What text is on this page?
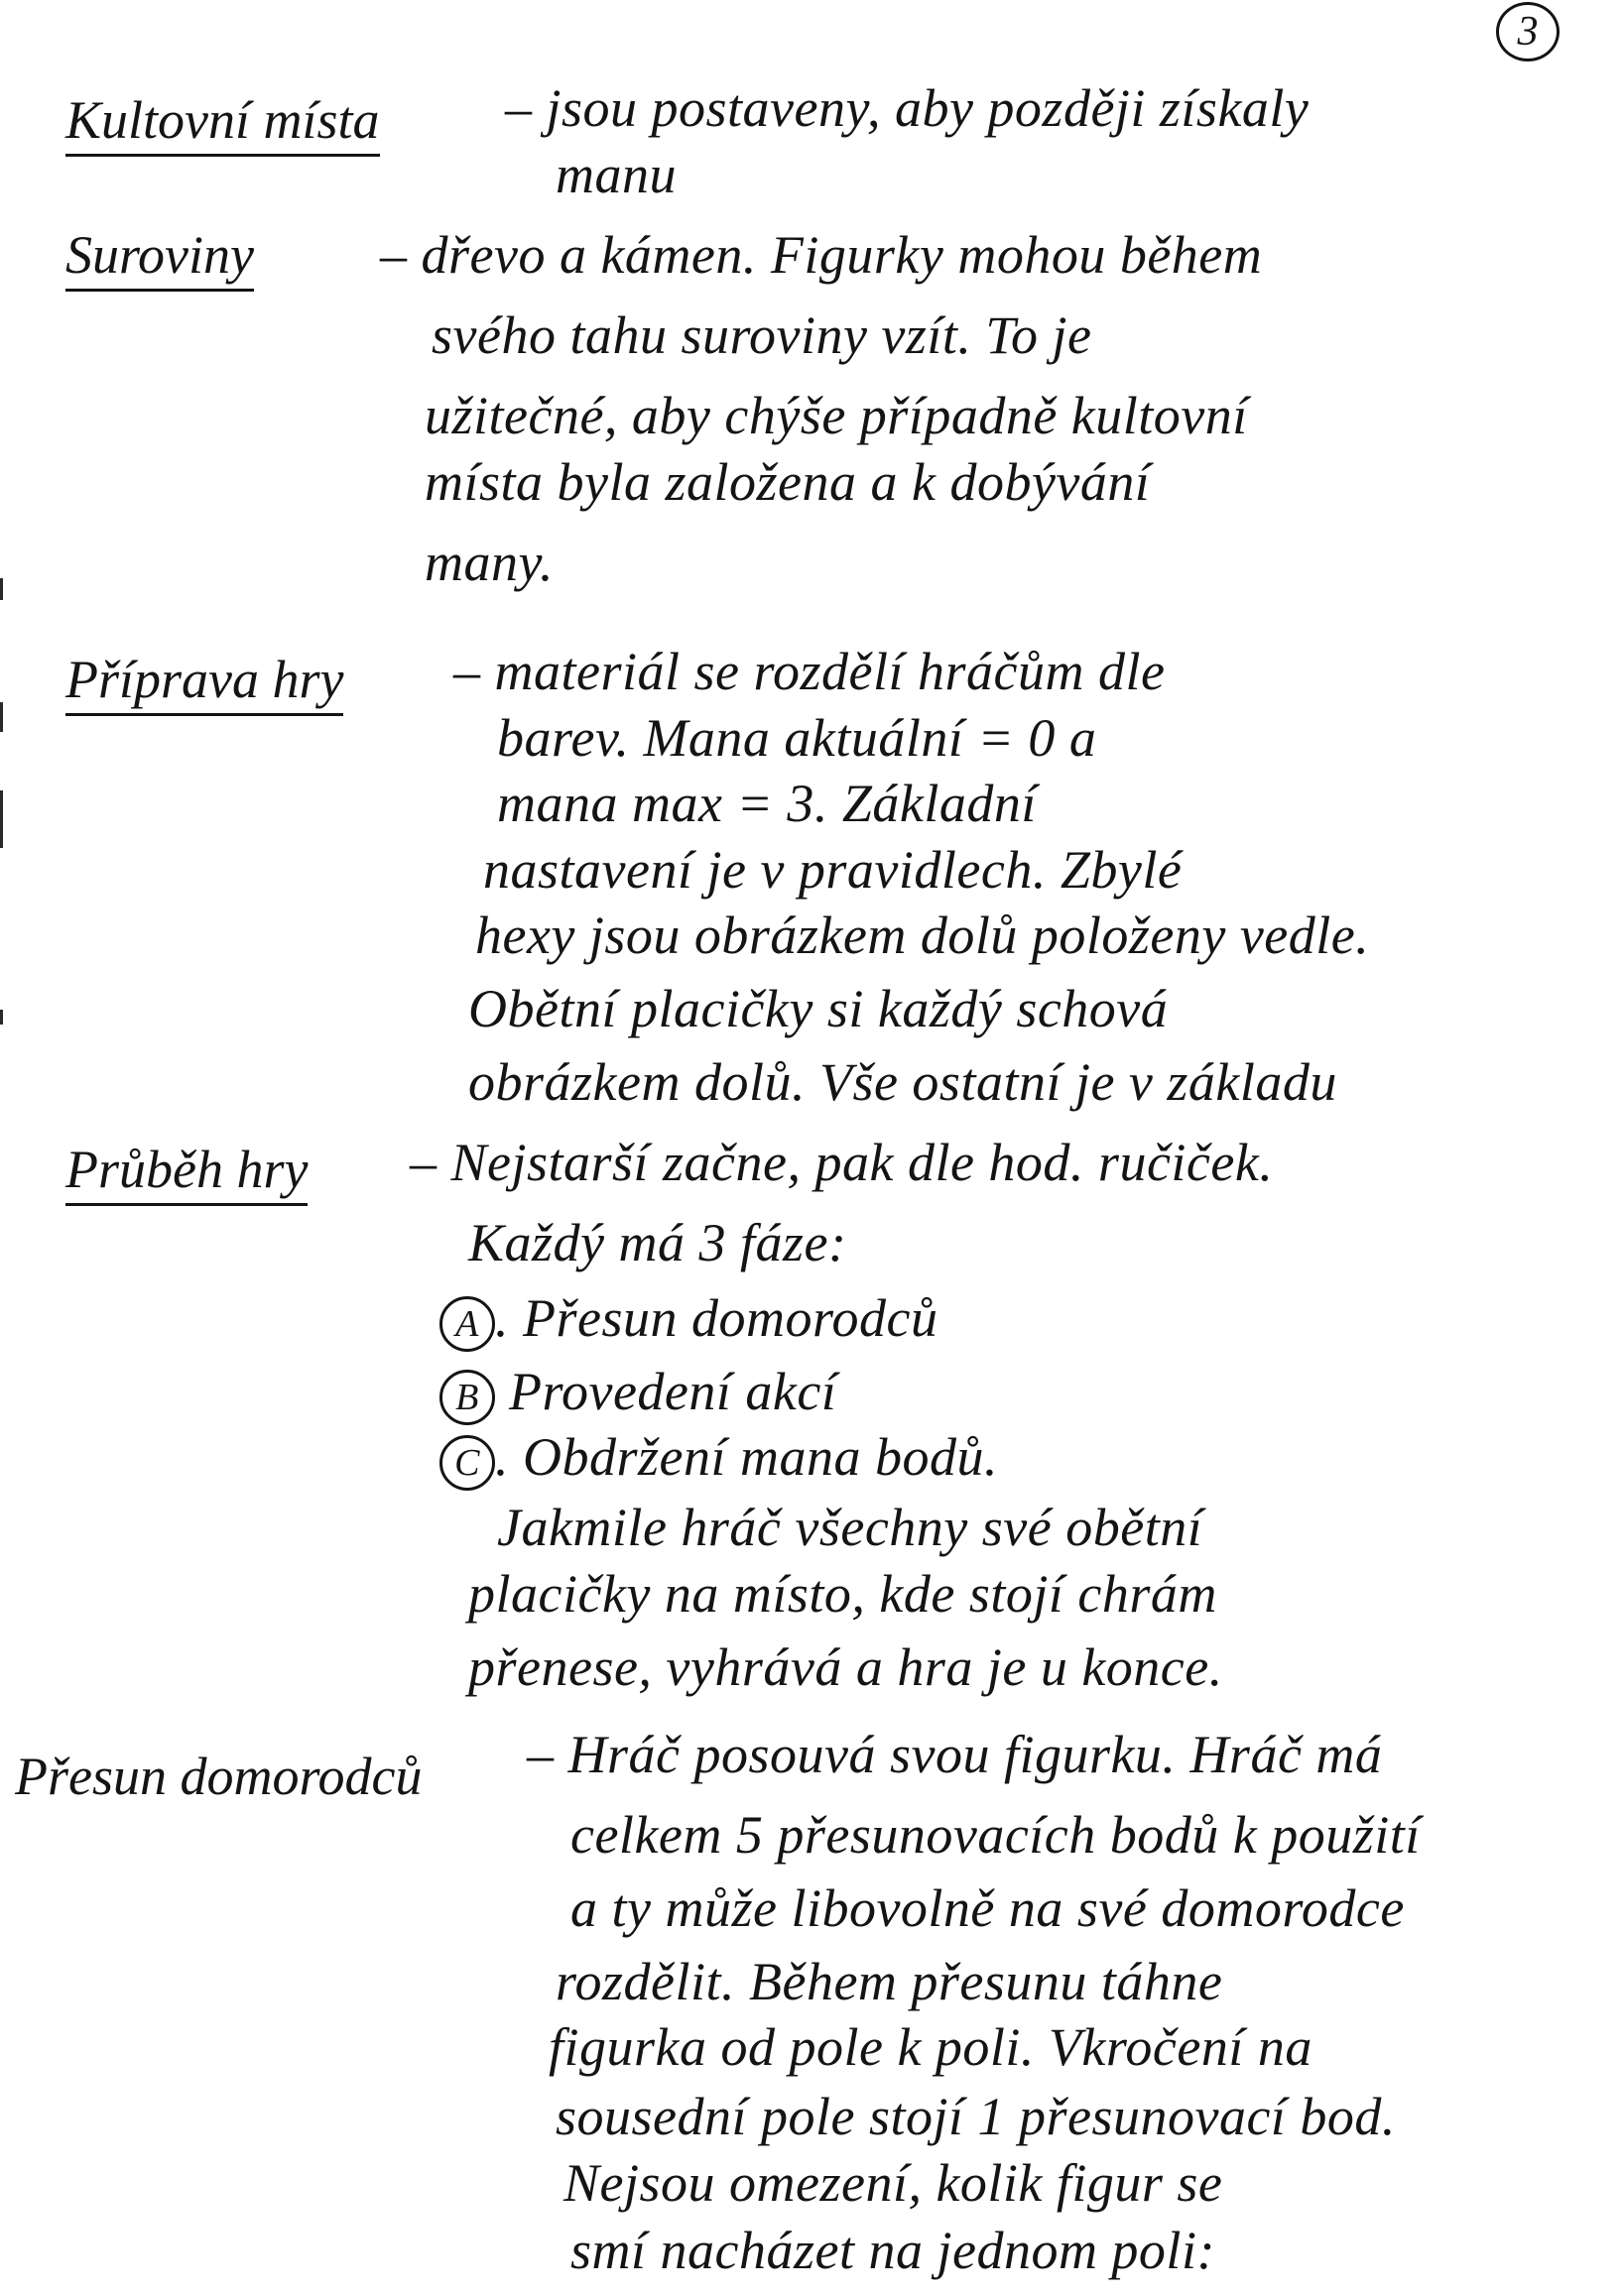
3
Kultovní místa – jsou postaveny, aby později získaly
manu
Suroviny – dřevo a kámen. Figurky mohou během
svého tahu suroviny vzít. To je
užitečné, aby chýše případně kultovní
místa byla založena a k dobývání
many.
Příprava hry – materiál se rozdělí hráčům dle
barev. Mana aktuální = 0 a
mana max = 3. Základní
nastavení je v pravidlech. Zbylé
hexy jsou obrázkem dolů položeny vedle.
Obětní placičky si každý schová
obrázkem dolů. Vše ostatní je v základu
Průběh hry – Nejstarší začne, pak dle hod. ručiček.
Každý má 3 fáze:
A . Přesun domorodců
B Provedení akcí
C . Obdržení mana bodů.
Jakmile hráč všechny své obětní
placičky na místo, kde stojí chrám
přenese, vyhrává a hra je u konce.
Přesun domorodců – Hráč posouvá svou figurku. Hráč má
celkem 5 přesunovacích bodů k použití
a ty může libovolně na své domorodce
rozdělit. Během přesunu táhne
figurka od pole k poli. Vkročení na
sousední pole stojí 1 přesunovací bod.
Nejsou omezení, kolik figur se
smí nacházet na jednom poli:
